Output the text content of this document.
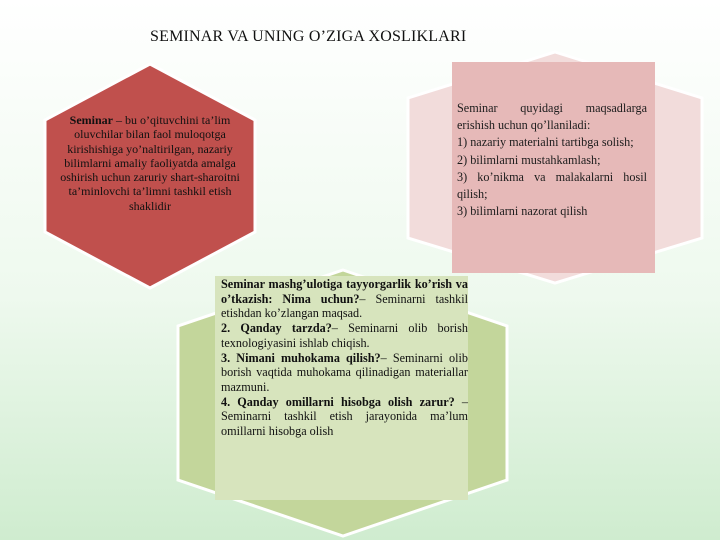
SEMINAR VA UNING O’ZIGA XOSLIKLARI
Seminar – bu o’qituvchini ta’lim oluvchilar bilan faol muloqotga kirishishiga yo’naltirilgan, nazariy bilimlarni amaliy faoliyatda amalga oshirish uchun zaruriy shart-sharoitni ta’minlovchi ta’limni tashkil etish shaklidir
Seminar quyidagi maqsadlarga erishish uchun qo’llaniladi:
1) nazariy materialni tartibga solish;
2) bilimlarni mustahkamlash;
3) ko’nikma va malakalarni hosil qilish;
3) bilimlarni nazorat qilish
Seminar mashg’ulotiga tayyorgarlik ko’rish va o’tkazish: Nima uchun?– Seminarni tashkil etishdan ko’zlangan maqsad.
2. Qanday tarzda?– Seminarni olib borish texnologiyasini ishlab chiqish.
3. Nimani muhokama qilish?– Seminarni olib borish vaqtida muhokama qilinadigan materiallar mazmuni.
4. Qanday omillarni hisobga olish zarur? – Seminarni tashkil etish jarayonida ma’lum omillarni hisobga olish
